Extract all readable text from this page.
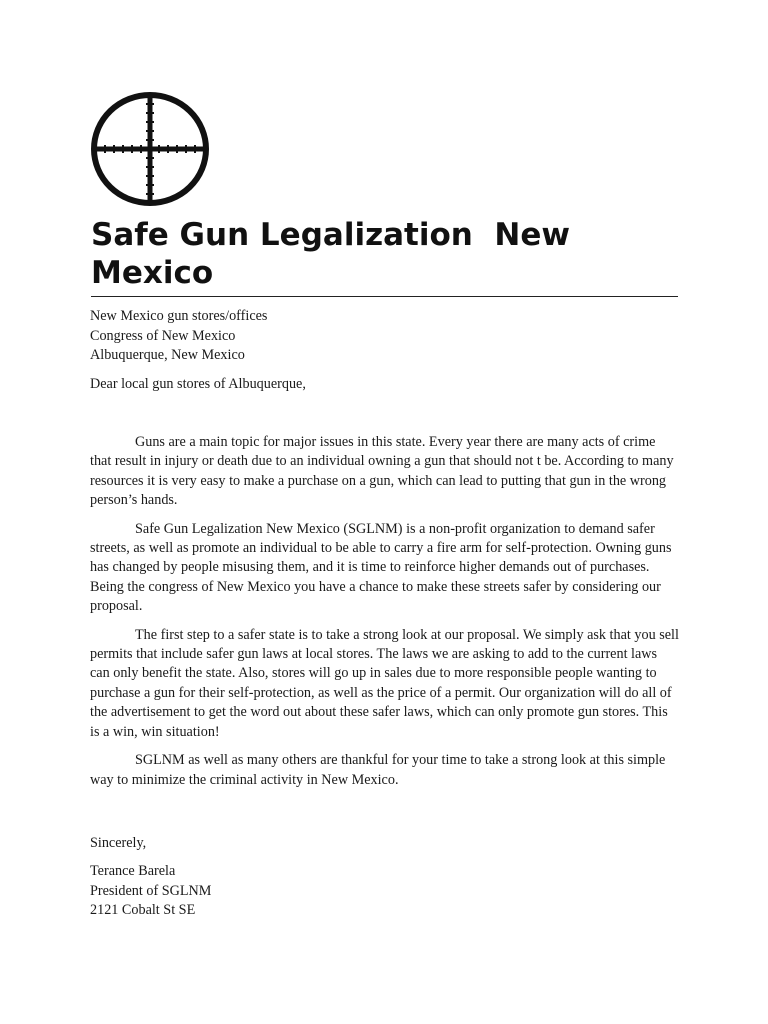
Safe Gun Legalization  New Mexico
New Mexico gun stores/offices
Congress of New Mexico
Albuquerque, New Mexico
Dear local gun stores of Albuquerque,

Guns are a main topic for major issues in this state. Every year there are many acts of crime that result in injury or death due to an individual owning a gun that should not t be. According to many resources it is very easy to make a purchase on a gun, which can lead to putting that gun in the wrong person’s hands.

Safe Gun Legalization New Mexico (SGLNM) is a non-profit organization to demand safer streets, as well as promote an individual to be able to carry a fire arm for self-protection. Owning guns has changed by people misusing them, and it is time to reinforce higher demands out of purchases. Being the congress of New Mexico you have a chance to make these streets safer by considering our proposal.

The first step to a safer state is to take a strong look at our proposal. We simply ask that you sell permits that include safer gun laws at local stores. The laws we are asking to add to the current laws can only benefit the state. Also, stores will go up in sales due to more responsible people wanting to purchase a gun for their self-protection, as well as the price of a permit. Our organization will do all of the advertisement to get the word out about these safer laws, which can only promote gun stores. This is a win, win situation!

SGLNM as well as many others are thankful for your time to take a strong look at this simple way to minimize the criminal activity in New Mexico.

Sincerely,
Terance Barela
President of SGLNM
2121 Cobalt St SE
